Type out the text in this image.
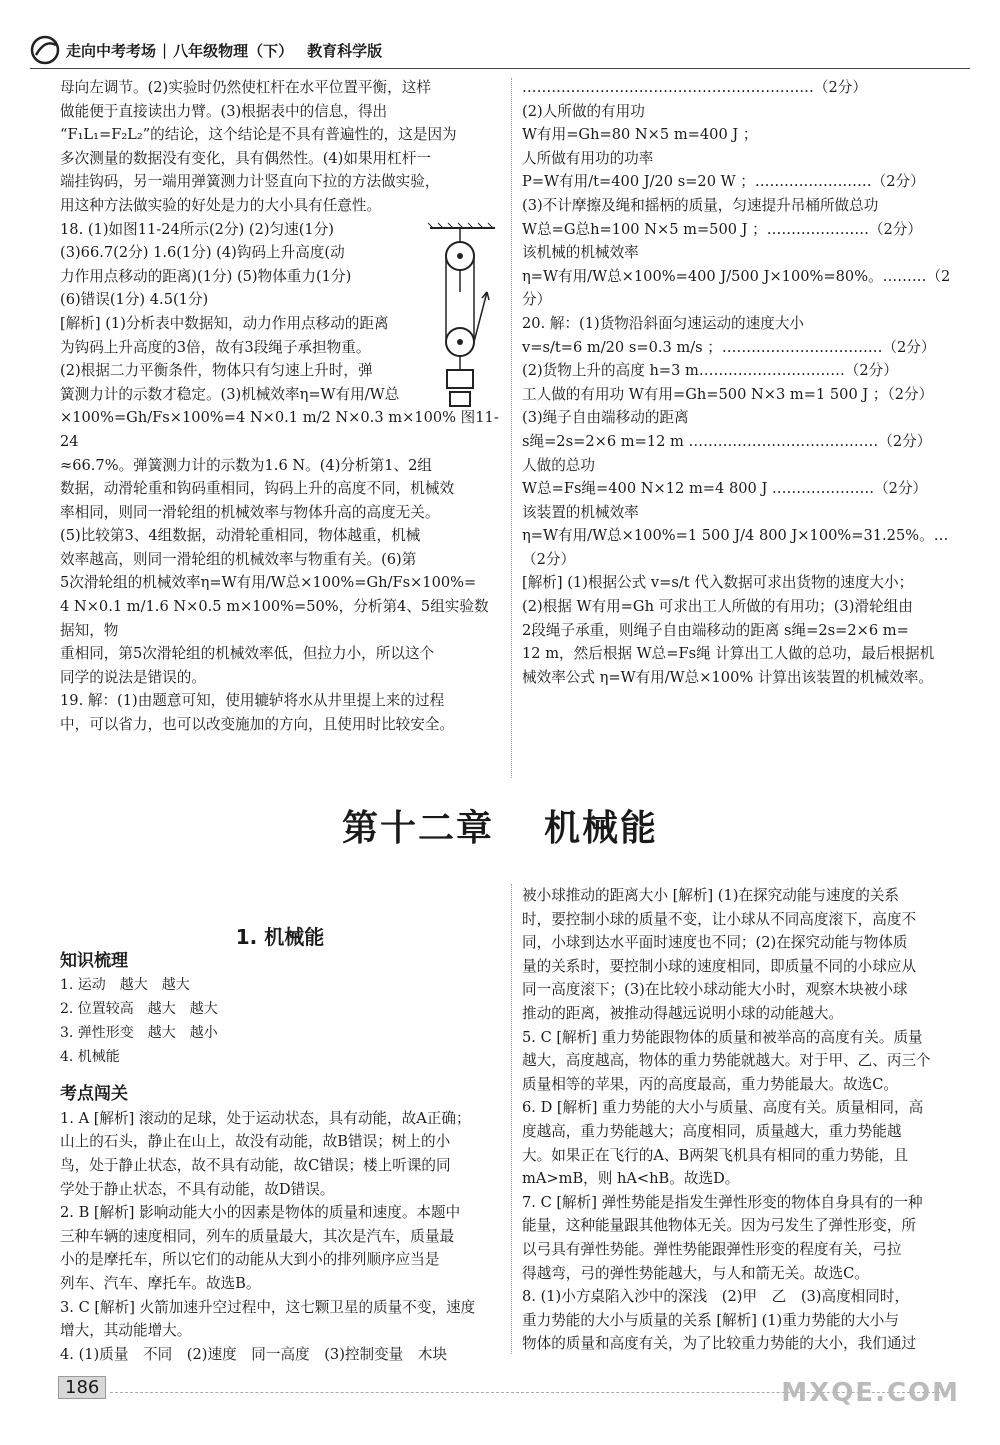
走向中考考场 | 八年级物理（下） 教育科学版

母向左调节。(2)实验时仍然使杠杆在水平位置平衡，这样

做能便于直接读出力臂。(3)根据表中的信息，得出

“F₁L₁=F₂L₂”的结论，这个结论是不具有普遍性的，这是因为

多次测量的数据没有变化，具有偶然性。(4)如果用杠杆一

端挂钩码，另一端用弹簧测力计竖直向下拉的方法做实验，

用这种方法做实验的好处是力的大小具有任意性。

18. (1)如图11-24所示(2分) (2)匀速(1分)

(3)66.7(2分) 1.6(1分) (4)钩码上升高度(动

力作用点移动的距离)(1分) (5)物体重力(1分)

(6)错误(1分) 4.5(1分)

[解析] (1)分析表中数据知，动力作用点移动的距离

为钩码上升高度的3倍，故有3段绳子承担物重。

(2)根据二力平衡条件，物体只有匀速上升时，弹

簧测力计的示数才稳定。(3)机械效率η=W有用/W总

×100%=Gh/Fs×100%=4 N×0.1 m/2 N×0.3 m×100% 图11-24

≈66.7%。弹簧测力计的示数为1.6 N。(4)分析第1、2组

数据，动滑轮重和钩码重相同，钩码上升的高度不同，机械效

率相同，则同一滑轮组的机械效率与物体升高的高度无关。

(5)比较第3、4组数据，动滑轮重相同，物体越重，机械

效率越高，则同一滑轮组的机械效率与物重有关。(6)第

5次滑轮组的机械效率η=W有用/W总×100%=Gh/Fs×100%=

4 N×0.1 m/1.6 N×0.5 m×100%=50%，分析第4、5组实验数据知，物

重相同，第5次滑轮组的机械效率低，但拉力小，所以这个

同学的说法是错误的。

19. 解：(1)由题意可知，使用辘轳将水从井里提上来的过程

中，可以省力，也可以改变施加的方向，且使用时比较安全。

……………………………………………………（2分）

(2)人所做的有用功

W有用=Gh=80 N×5 m=400 J ；

人所做有用功的功率

P=W有用/t=400 J/20 s=20 W ；……………………（2分）

(3)不计摩擦及绳和摇柄的质量，匀速提升吊桶所做总功

W总=G总h=100 N×5 m=500 J ；…………………（2分）

该机械的机械效率

η=W有用/W总×100%=400 J/500 J×100%=80%。………（2分）

20. 解：(1)货物沿斜面匀速运动的速度大小

v=s/t=6 m/20 s=0.3 m/s ；……………………………（2分）

(2)货物上升的高度 h=3 m…………………………（2分）

工人做的有用功 W有用=Gh=500 N×3 m=1 500 J ；（2分）

(3)绳子自由端移动的距离

s绳=2s=2×6 m=12 m …………………………………（2分）

人做的总功

W总=Fs绳=400 N×12 m=4 800 J …………………（2分）

该装置的机械效率

η=W有用/W总×100%=1 500 J/4 800 J×100%=31.25%。…（2分）

[解析] (1)根据公式 v=s/t 代入数据可求出货物的速度大小；

(2)根据 W有用=Gh 可求出工人所做的有用功；(3)滑轮组由

2段绳子承重，则绳子自由端移动的距离 s绳=2s=2×6 m=

12 m，然后根据 W总=Fs绳 计算出工人做的总功，最后根据机

械效率公式 η=W有用/W总×100% 计算出该装置的机械效率。

第十二章 机械能

1. 机械能

知识梳理

1. 运动　越大　越大

2. 位置较高　越大　越大

3. 弹性形变　越大　越小

4. 机械能

考点闯关

1. A [解析] 滚动的足球，处于运动状态，具有动能，故A正确；

山上的石头，静止在山上，故没有动能，故B错误；树上的小

鸟，处于静止状态，故不具有动能，故C错误；楼上听课的同

学处于静止状态，不具有动能，故D错误。

2. B [解析] 影响动能大小的因素是物体的质量和速度。本题中

三种车辆的速度相同，列车的质量最大，其次是汽车，质量最

小的是摩托车，所以它们的动能从大到小的排列顺序应当是

列车、汽车、摩托车。故选B。

3. C [解析] 火箭加速升空过程中，这七颗卫星的质量不变，速度

增大，其动能增大。

4. (1)质量　不同　(2)速度　同一高度　(3)控制变量　木块

被小球推动的距离大小 [解析] (1)在探究动能与速度的关系

时，要控制小球的质量不变，让小球从不同高度滚下，高度不

同，小球到达水平面时速度也不同；(2)在探究动能与物体质

量的关系时，要控制小球的速度相同，即质量不同的小球应从

同一高度滚下；(3)在比较小球动能大小时，观察木块被小球

推动的距离，被推动得越远说明小球的动能越大。

5. C [解析] 重力势能跟物体的质量和被举高的高度有关。质量

越大，高度越高，物体的重力势能就越大。对于甲、乙、丙三个

质量相等的苹果，丙的高度最高，重力势能最大。故选C。

6. D [解析] 重力势能的大小与质量、高度有关。质量相同，高

度越高，重力势能越大；高度相同，质量越大，重力势能越

大。如果正在飞行的A、B两架飞机具有相同的重力势能，且

mA>mB，则 hA<hB。故选D。

7. C [解析] 弹性势能是指发生弹性形变的物体自身具有的一种

能量，这种能量跟其他物体无关。因为弓发生了弹性形变，所

以弓具有弹性势能。弹性势能跟弹性形变的程度有关，弓拉

得越弯，弓的弹性势能越大，与人和箭无关。故选C。

8. (1)小方桌陷入沙中的深浅　(2)甲　乙　(3)高度相同时，

重力势能的大小与质量的关系 [解析] (1)重力势能的大小与

物体的质量和高度有关，为了比较重力势能的大小，我们通过

186	MXQE.COM
